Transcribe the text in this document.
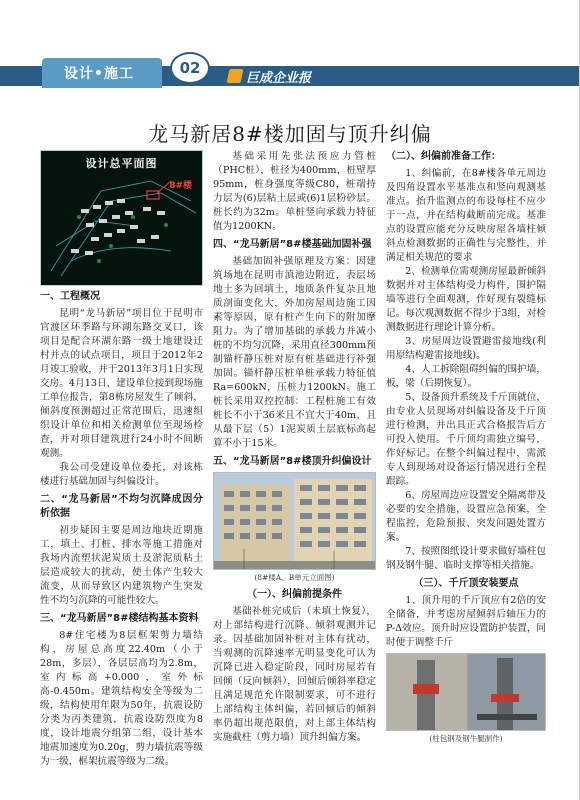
设计•施工	02
巨成企业报
龙马新居8#楼加固与顶升纠偏
设计总平面图
8#楼
一、工程概况

昆明“龙马新居”项目位于昆明市官渡区环季路与环湖东路交叉口，该项目是配合环湖东路一级土地建设迁村并点的试点项目，项目于2012年2月竣工验收，并于2013年3月1日实现交房。4月13日，建设单位接到现场施工单位报告，第8栋房屋发生了倾斜，倾斜度预测超过正常范围后，迅速组织设计单位和相关检测单位至现场检查，并对项目建筑进行24小时不间断观测。

我公司受建设单位委托，对该栋楼进行基础加固与纠偏设计。

二、“龙马新居”不均匀沉降成因分析依据

初步疑因主要是周边地块近期施工，填土、打桩、排水等施工措施对我场内流塑状泥炭质土及淤泥质粘土层造成较大的扰动，使土体产生较大流变，从而导致区内建筑物产生突发性不均匀沉降的可能性较大。

三、“龙马新居”8#楼结构基本资料

8#住宅楼为8层框架剪力墙结构，房屋总高度22.40m（小于28m，多层），各层层高均为2.8m，室内标高+0.000，室外标高-0.450m。建筑结构安全等级为二级，结构使用年限为50年，抗震设防分类为丙类建筑，抗震设防烈度为8度，设计地震分组第二组，设计基本地震加速度为0.20g，剪力墙抗震等级为一级，框架抗震等级为二级。

基础采用先张法预应力管桩（PHC桩），桩径为400mm，桩壁厚95mm，桩身强度等级C80，桩端持力层为(6)层粘土层或(6)1层粉砂层。桩长约为32m。单桩竖向承载力特征值为1200KN。

四、“龙马新居”8#楼基础加固补强

基础加固补强原理及方案：因建筑场地在昆明市滇池边附近，表层场地土多为回填土，地质条件复杂且地质剖面变化大，外加房屋周边施工因素等原因，原有桩产生向下的附加摩阻力。为了增加基础的承载力并减小桩的不均匀沉降，采用直径300mm预制锚杆静压桩对原有桩基础进行补强加固。锚杆静压桩单桩承载力特征值Ra=600kN，压桩力1200kN。施工桩长采用双控控制：工程桩施工有效桩长不小于36米且不宜大于40m，且从最下层（5）1泥炭质土层底标高起算不小于15米。

五、“龙马新居”8#楼顶升纠偏设计
(8#楼A、B单元立面图)
（一）、纠偏前提条件

基础补桩完成后（未填土恢复），对上部结构进行沉降、倾斜观测并记录。因基础加固补桩对主体有扰动，当观测的沉降速率无明显变化可认为沉降已进入稳定阶段，同时房屋若有回倾（反向倾斜），回倾后倾斜率稳定且满足规范允许限制要求，可不进行上部结构主体纠偏，若回倾后的倾斜率仍超出规范限值，对上部主体结构实施截柱（剪力墙）顶升纠偏方案。

（二）、纠偏前准备工作：

1、纠偏前，在8#楼各单元周边及四角设置水平基准点和竖向观测基准点。抬升监测点的布设每柱不应少于一点，并在结构截断前完成。基准点的设置应能充分反映房屋各墙柱倾斜点检测数据的正确性与完整性，并满足相关规范的要求

2、检测单位需观测房屋最新倾斜数据并对主体结构受力构件，围护隔墙等进行全面观测，作好现有裂缝标记。每次观测数据不得少于3组，对检测数据进行理论计算分析。

3、房屋周边设置避雷接地线(利用原结构避雷接地线)。

4、人工拆除阻碍纠偏的围护墙，板，梁（后期恢复）。

5、设备顶升系统及千斤顶就位，由专业人员现场对纠偏设备及千斤顶进行检测，并出具正式合格报告后方可投入使用。千斤顶均需独立编号，作好标记。在整个纠偏过程中，需派专人到现场对设备运行情况进行全程跟踪。

6、房屋周边应设置安全隔离带及必要的安全措施，设置应急预案，全程监控，危险预报、突发问题处置方案。

7、按照图纸设计要求做好墙柱包钢及钢牛腿、临时支撑等相关措施。

（三）、千斤顶安装要点

1、顶升用的千斤顶应有2倍的安全储备，并考虑房屋倾斜后轴压力的P-Δ效应。顶升时应设置防护装置，同时便于调整千斤

(柱包钢及钢牛腿制作)
